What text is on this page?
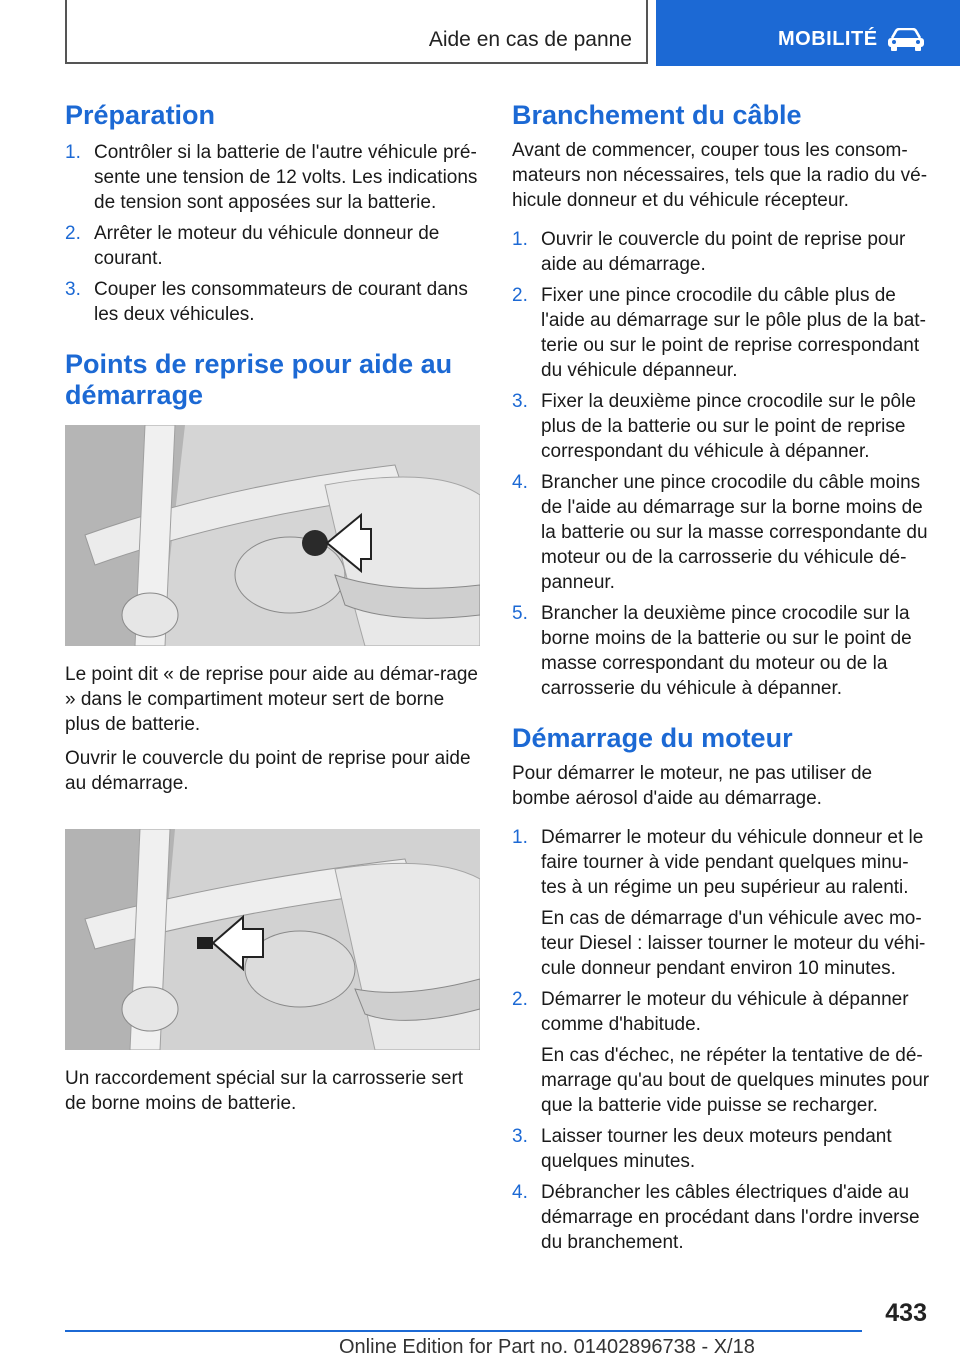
Aide en cas de panne	MOBILITÉ
Préparation
1. Contrôler si la batterie de l'autre véhicule pré-sente une tension de 12 volts. Les indications de tension sont apposées sur la batterie.
2. Arrêter le moteur du véhicule donneur de courant.
3. Couper les consommateurs de courant dans les deux véhicules.
Points de reprise pour aide au démarrage

Le point dit « de reprise pour aide au démar-rage » dans le compartiment moteur sert de borne plus de batterie.

Ouvrir le couvercle du point de reprise pour aide au démarrage.

Un raccordement spécial sur la carrosserie sert de borne moins de batterie.

Branchement du câble

Avant de commencer, couper tous les consom-mateurs non nécessaires, tels que la radio du vé-hicule donneur et du véhicule récepteur.

1. Ouvrir le couvercle du point de reprise pour aide au démarrage.
2. Fixer une pince crocodile du câble plus de l'aide au démarrage sur le pôle plus de la bat-terie ou sur le point de reprise correspondant du véhicule dépanneur.
3. Fixer la deuxième pince crocodile sur le pôle plus de la batterie ou sur le point de reprise correspondant du véhicule à dépanner.
4. Brancher une pince crocodile du câble moins de l'aide au démarrage sur la borne moins de la batterie ou sur la masse correspondante du moteur ou de la carrosserie du véhicule dé-panneur.
5. Brancher la deuxième pince crocodile sur la borne moins de la batterie ou sur le point de masse correspondant du moteur ou de la carrosserie du véhicule à dépanner.
Démarrage du moteur

Pour démarrer le moteur, ne pas utiliser de bombe aérosol d'aide au démarrage.

1. Démarrer le moteur du véhicule donneur et le faire tourner à vide pendant quelques minu-tes à un régime un peu supérieur au ralenti.

En cas de démarrage d'un véhicule avec mo-teur Diesel : laisser tourner le moteur du véhi-cule donneur pendant environ 10 minutes.

2. Démarrer le moteur du véhicule à dépanner comme d'habitude.

En cas d'échec, ne répéter la tentative de dé-marrage qu'au bout de quelques minutes pour que la batterie vide puisse se recharger.

3. Laisser tourner les deux moteurs pendant quelques minutes.
4. Débrancher les câbles électriques d'aide au démarrage en procédant dans l'ordre inverse du branchement.
433
Online Edition for Part no. 01402896738 - X/18
